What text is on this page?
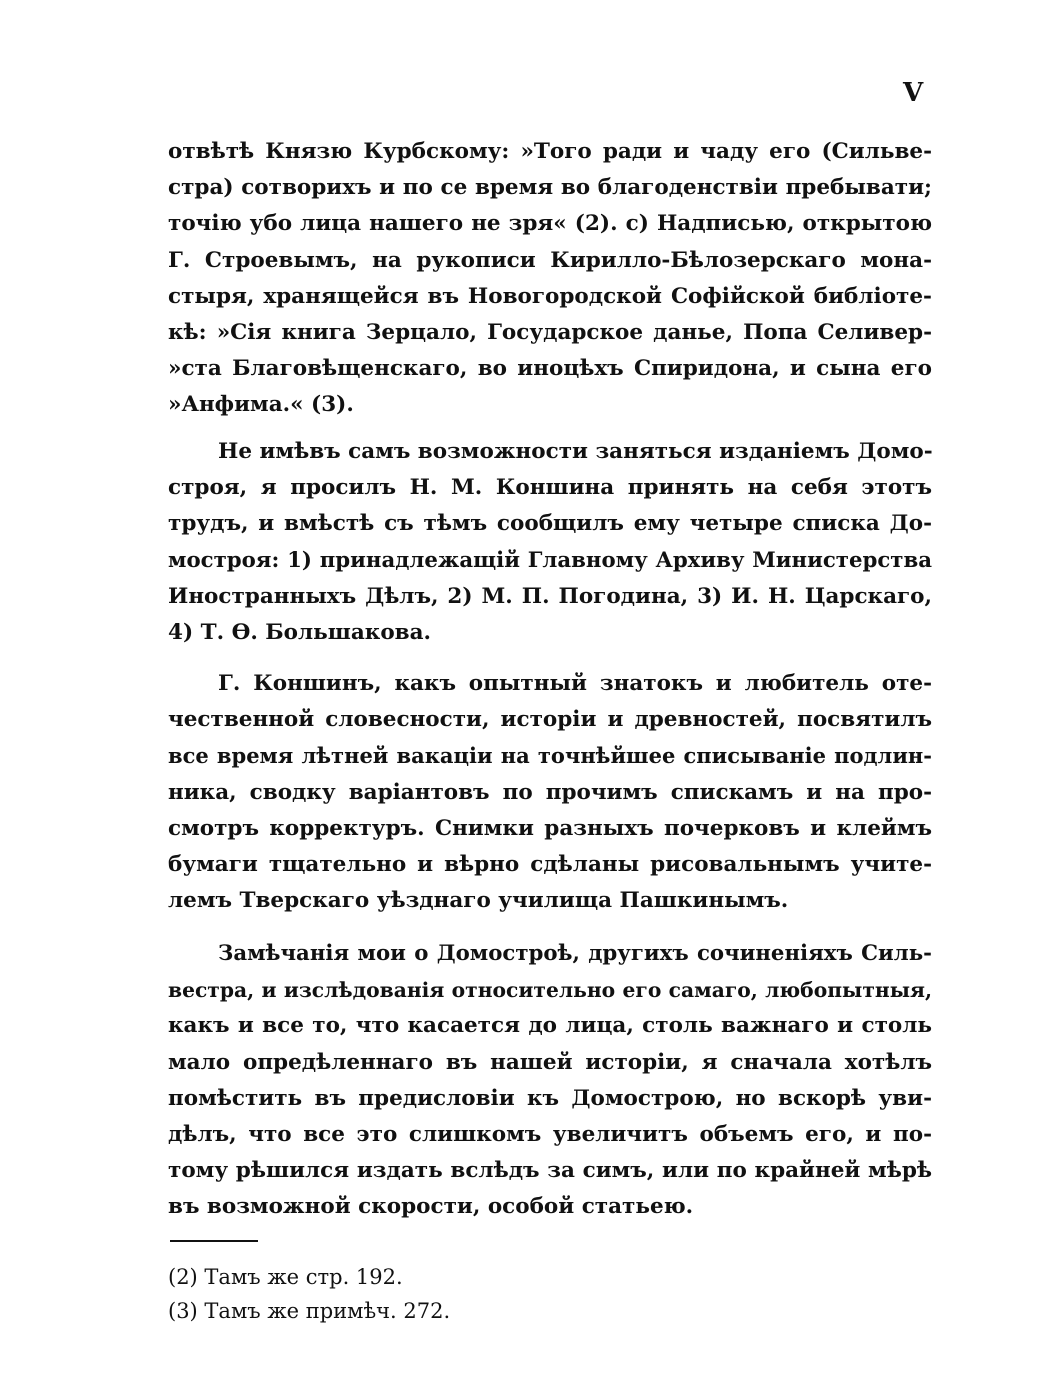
V
отвѣтѣ Князю Курбскому: »Того ради и чаду его (Сильве-
стра) сотворихъ и по се время во благоденствіи пребывати;
точію убо лица нашего не зря« (2). с) Надписью, открытою
Г. Строевымъ, на рукописи Кирилло-Бѣлозерскаго мона-
стыря, хранящейся въ Новогородской Софійской библіоте-
кѣ: »Сія книга Зерцало, Государское данье, Попа Селивер-
»ста Благовѣщенскаго, во иноцѣхъ Спиридона, и сына его
»Анфима.« (3).
Не имѣвъ самъ возможности заняться изданіемъ Домо-
строя, я просилъ Н. М. Коншина принять на себя этотъ
трудъ, и вмѣстѣ съ тѣмъ сообщилъ ему четыре списка До-
мостроя: 1) принадлежащій Главному Архиву Министерства
Иностранныхъ Дѣлъ, 2) М. П. Погодина, 3) И. Н. Царскаго,
4) Т. Ѳ. Большакова.
Г. Коншинъ, какъ опытный знатокъ и любитель оте-
чественной словесности, исторіи и древностей, посвятилъ
все время лѣтней вакаціи на точнѣйшее списываніе подлин-
ника, сводку варіантовъ по прочимъ спискамъ и на про-
смотръ корректуръ. Снимки разныхъ почерковъ и клеймъ
бумаги тщательно и вѣрно сдѣланы рисовальнымъ учите-
лемъ Тверскаго уѣзднаго училища Пашкинымъ.
Замѣчанія мои о Домостроѣ, другихъ сочиненіяхъ Силь-
вестра, и изслѣдованія относительно его самаго, любопытныя,
какъ и все то, что касается до лица, столь важнаго и столь
мало опредѣленнаго въ нашей исторіи, я сначала хотѣлъ
помѣстить въ предисловіи къ Домострою, но вскорѣ уви-
дѣлъ, что все это слишкомъ увеличитъ объемъ его, и по-
тому рѣшился издать вслѣдъ за симъ, или по крайней мѣрѣ
въ возможной скорости, особой статьею.
(2) Тамъ же стр. 192.
(3) Тамъ же примѣч. 272.
